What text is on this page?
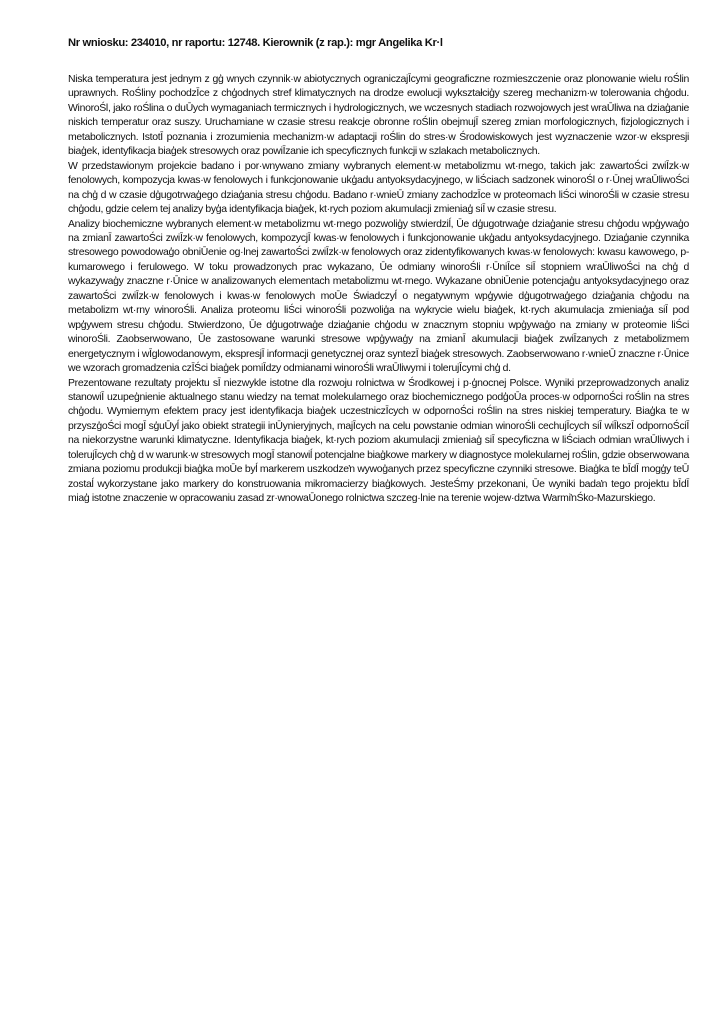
Nr wniosku: 234010, nr raportu: 12748. Kierownik (z rap.): mgr Angelika Kr·l

Niska temperatura jest jednym z gģ wnych czynnik·w abiotycznych ograniczajĪcymi geograficzne rozmieszczenie oraz plonowanie wielu roŚlin uprawnych. RoŚliny pochodzĪce z chģodnych stref klimatycznych na drodze ewolucji wykształciģy szereg mechanizm·w tolerowania chģodu. WinoroŚl, jako roŚlina o duŪych wymaganiach termicznych i hydrologicznych, we wczesnych stadiach rozwojowych jest wraŪliwa na dziaģanie niskich temperatur oraz suszy. Uruchamiane w czasie stresu reakcje obronne roŚlin obejmujĪ szereg zmian morfologicznych, fizjologicznych i metabolicznych. IstotĪ poznania i zrozumienia mechanizm·w adaptacji roŚlin do stres·w Środowiskowych jest wyznaczenie wzor·w ekspresji biaģek, identyfikacja biaģek stresowych oraz powiĪzanie ich specyficznych funkcji w szlakach metabolicznych.

W przedstawionym projekcie badano i por·wnywano zmiany wybranych element·w metabolizmu wt·rnego, takich jak: zawartoŚci zwiĪzk·w fenolowych, kompozycja kwas·w fenolowych i funkcjonowanie ukģadu antyoksydacyjnego, w liŚciach sadzonek winoroŚl o r·Ūnej wraŪliwoŚci na chģ d w czasie dģugotrwaģego dziaģania stresu chģodu. Badano r·wnieŪ zmiany zachodzĪce w proteomach liŚci winoroŚli w czasie stresu chģodu, gdzie celem tej analizy byģa identyfikacja biaģek, kt·rych poziom akumulacji zmieniaģ siĪ w czasie stresu.

Analizy biochemiczne wybranych element·w metabolizmu wt·rnego pozwoliģy stwierdziĺ, Ūe dģugotrwaģe dziaģanie stresu chģodu wpģywaģo na zmianĪ zawartoŚci zwiĪzk·w fenolowych, kompozycjĪ kwas·w fenolowych i funkcjonowanie ukģadu antyoksydacyjnego. Dziaģanie czynnika stresowego powodowaģo obniŪenie og·lnej zawartoŚci zwiĪzk·w fenolowych oraz zidentyfikowanych kwas·w fenolowych: kwasu kawowego, p-kumarowego i ferulowego. W toku prowadzonych prac wykazano, Ūe odmiany winoroŚli r·ŪniĪce siĪ stopniem wraŪliwoŚci na chģ d wykazywaģy znaczne r·Ūnice w analizowanych elementach metabolizmu wt·rnego. Wykazane obniŪenie potencjaģu antyoksydacyjnego oraz zawartoŚci zwiĪzk·w fenolowych i kwas·w fenolowych moŪe Świadczyĺ o negatywnym wpģywie dģugotrwaģego dziaģania chģodu na metabolizm wt·rny winoroŚli. Analiza proteomu liŚci winoroŚli pozwoliģa na wykrycie wielu biaģek, kt·rych akumulacja zmieniaģa siĪ pod wpģywem stresu chģodu. Stwierdzono, Ūe dģugotrwaģe dziaģanie chģodu w znacznym stopniu wpģywaģo na zmiany w proteomie liŚci winoroŚli. Zaobserwowano, Ūe zastosowane warunki stresowe wpģywaģy na zmianĪ akumulacji biaģek zwiĪzanych z metabolizmem energetycznym i wĪglowodanowym, ekspresjĪ informacji genetycznej oraz syntezĪ biaģek stresowych. Zaobserwowano r·wnieŪ znaczne r·Ūnice we wzorach gromadzenia czĪŚci biaģek pomiĪdzy odmianami winoroŚli wraŪliwymi i tolerujĪcymi chģ d.

Prezentowane rezultaty projektu sĪ niezwykle istotne dla rozwoju rolnictwa w Środkowej i p·ģnocnej Polsce. Wyniki przeprowadzonych analiz stanowiĪ uzupeģnienie aktualnego stanu wiedzy na temat molekularnego oraz biochemicznego podģoŪa proces·w odpornoŚci roŚlin na stres chģodu. Wymiernym efektem pracy jest identyfikacja biaģek uczestniczĪcych w odpornoŚci roŚlin na stres niskiej temperatury. Biaģka te w przyszģoŚci mogĪ sģuŪyĺ jako obiekt strategii inŪynieryjnych, majĪcych na celu powstanie odmian winoroŚli cechujĪcych siĪ wiĪkszĪ odpornoŚciĪ na niekorzystne warunki klimatyczne. Identyfikacja biaģek, kt·rych poziom akumulacji zmieniaģ siĪ specyficzna w liŚciach odmian wraŪliwych i tolerujĪcych chģ d w warunk·w stresowych mogĪ stanowiĺ potencjalne biaģkowe markery w diagnostyce molekularnej roŚlin, gdzie obserwowana zmiana poziomu produkcji biaģka moŪe byĺ markerem uszkodzeŉ wywoģanych przez specyficzne czynniki stresowe. Biaģka te bĪdĪ mogģy teŪ zostaĺ wykorzystane jako markery do konstruowania mikromacierzy biaģkowych. JesteŚmy przekonani, Ūe wyniki badaŉ tego projektu bĪdĪ miaģ istotne znaczenie w opracowaniu zasad zr·wnowaŪonego rolnictwa szczeg·lnie na terenie wojew·dztwa WarmiŉŚko-Mazurskiego.
